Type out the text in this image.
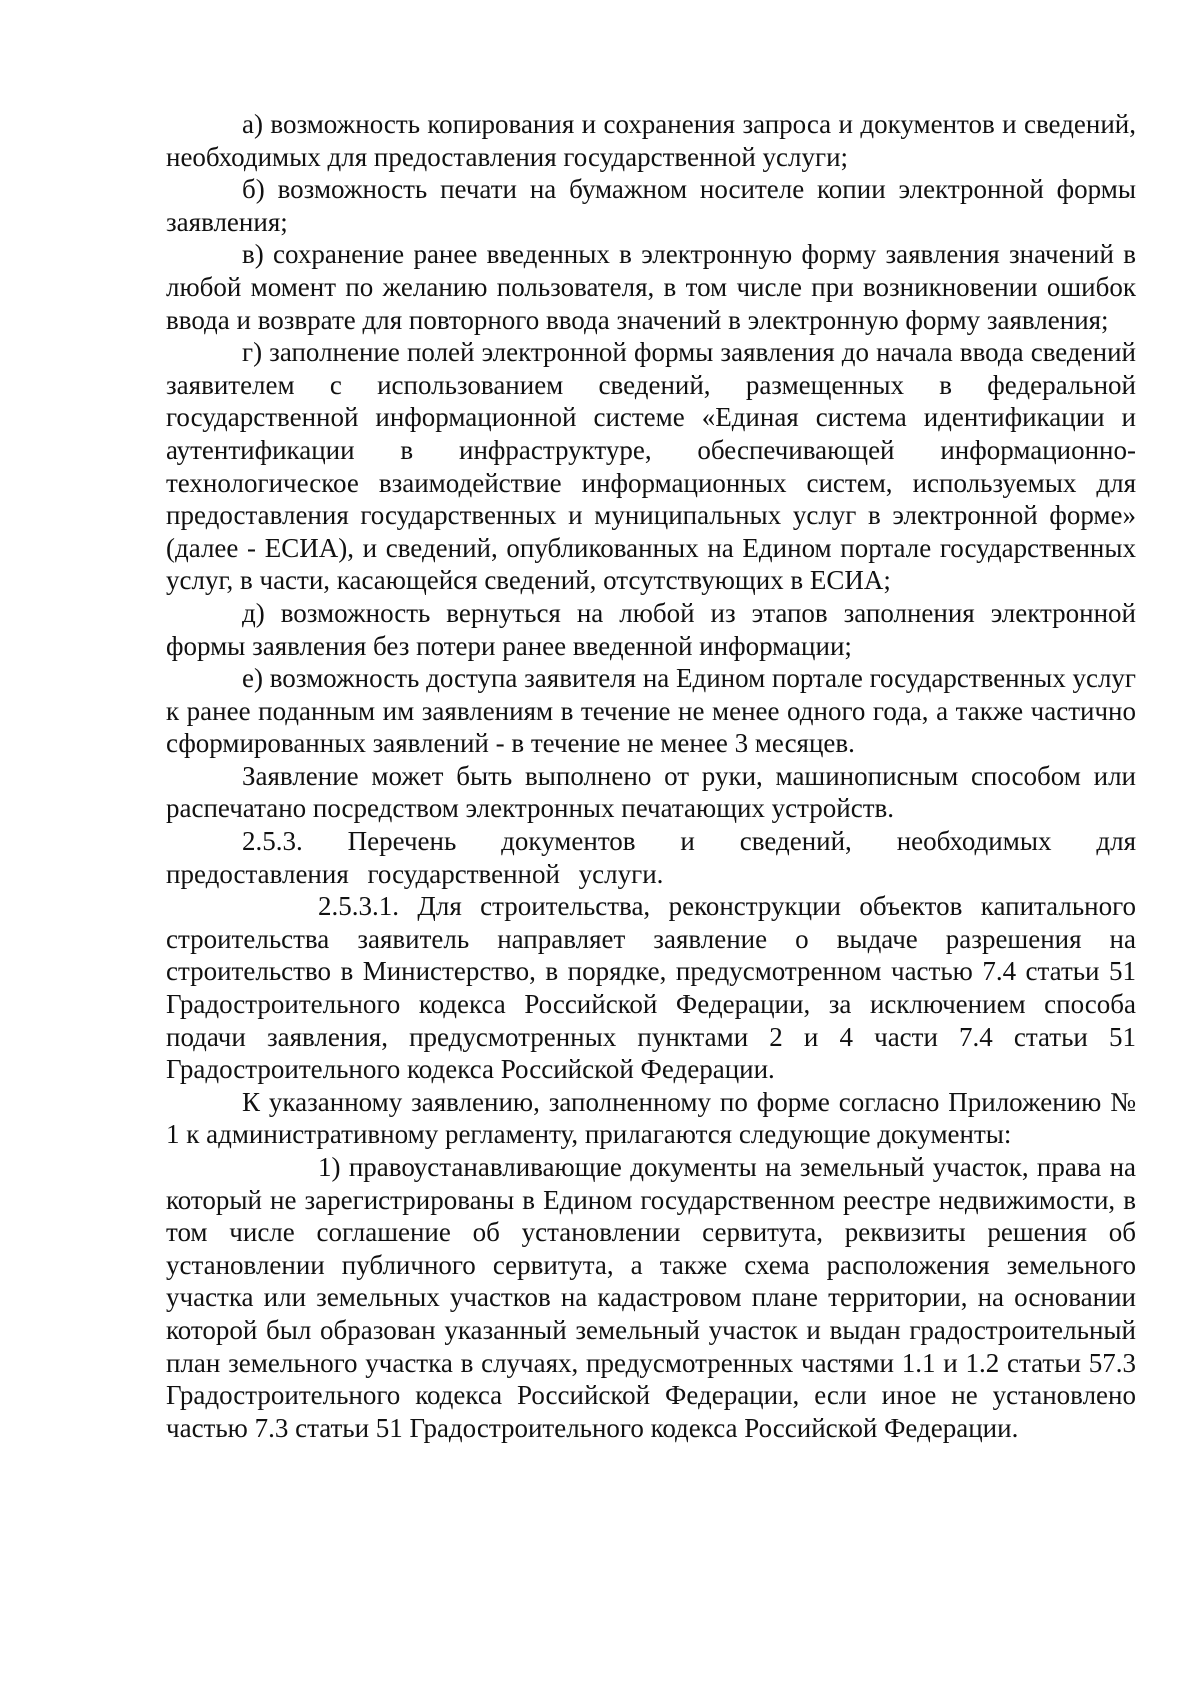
а) возможность копирования и сохранения запроса и документов и сведений, необходимых для предоставления государственной услуги;

б) возможность печати на бумажном носителе копии электронной формы заявления;

в) сохранение ранее введенных в электронную форму заявления значений в любой момент по желанию пользователя, в том числе при возникновении ошибок ввода и возврате для повторного ввода значений в электронную форму заявления;

г) заполнение полей электронной формы заявления до начала ввода сведений заявителем с использованием сведений, размещенных в федеральной государственной информационной системе «Единая система идентификации и аутентификации в инфраструктуре, обеспечивающей информационно-технологическое взаимодействие информационных систем, используемых для предоставления государственных и муниципальных услуг в электронной форме» (далее - ЕСИА), и сведений, опубликованных на Едином портале государственных услуг, в части, касающейся сведений, отсутствующих в ЕСИА;

д) возможность вернуться на любой из этапов заполнения электронной формы заявления без потери ранее введенной информации;

е) возможность доступа заявителя на Едином портале государственных услуг к ранее поданным им заявлениям в течение не менее одного года, а также частично сформированных заявлений - в течение не менее 3 месяцев.

Заявление может быть выполнено от руки, машинописным способом или распечатано посредством электронных печатающих устройств.

2.5.3. Перечень документов и сведений, необходимых для предоставления государственной услуги.

2.5.3.1. Для строительства, реконструкции объектов капитального строительства заявитель направляет заявление о выдаче разрешения на строительство в Министерство, в порядке, предусмотренном частью 7.4 статьи 51 Градостроительного кодекса Российской Федерации, за исключением способа подачи заявления, предусмотренных пунктами 2 и 4 части 7.4 статьи 51 Градостроительного кодекса Российской Федерации.

К указанному заявлению, заполненному по форме согласно Приложению № 1 к административному регламенту, прилагаются следующие документы:

1) правоустанавливающие документы на земельный участок, права на который не зарегистрированы в Едином государственном реестре недвижимости, в том числе соглашение об установлении сервитута, реквизиты решения об установлении публичного сервитута, а также схема расположения земельного участка или земельных участков на кадастровом плане территории, на основании которой был образован указанный земельный участок и выдан градостроительный план земельного участка в случаях, предусмотренных частями 1.1 и 1.2 статьи 57.3 Градостроительного кодекса Российской Федерации, если иное не установлено частью 7.3 статьи 51 Градостроительного кодекса Российской Федерации.
